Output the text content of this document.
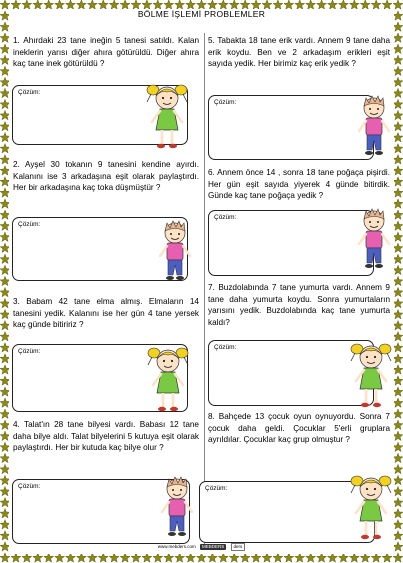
BÖLME İŞLEMİ PROBLEMLER

1. Ahırdaki 23 tane ineğin 5 tanesi satıldı. Kalan ineklerin yarısı diğer ahıra götürüldü. Diğer ahıra kaç tane inek götürüldü ?

Çözüm:

2. Ayşel 30 tokanın 9 tanesini kendine ayırdı. Kalanını ise 3 arkadaşına eşit olarak paylaştırdı. Her bir arkadaşına kaç toka düşmüştür ?

Çözüm:

3. Babam 42 tane elma almış. Elmaların 14 tanesini yedik. Kalanını ise her gün 4 tane yersek kaç günde bitiririz ?

Çözüm:

4. Talat'ın 28 tane bilyesi vardı. Babası 12 tane daha bilye aldı. Talat bilyelerini 5 kutuya eşit olarak paylaştırdı. Her bir kutuda kaç bilye olur ?

Çözüm:

5. Tabakta 18 tane erik vardı. Annem 9 tane daha erik koydu. Ben ve 2 arkadaşım erikleri eşit sayıda yedik. Her birimiz kaç erik yedik ?

Çözüm:

6. Annem önce 14 , sonra 18 tane poğaça pişirdi. Her gün eşit sayıda yiyerek 4 günde bitirdik. Günde kaç tane poğaça yedik ?

Çözüm:

7. Buzdolabında 7 tane yumurta vardı. Annem 9 tane daha yumurta koydu. Sonra yumurtaların yarısını yedik. Buzdolabında kaç tane yumurta kaldı?

Çözüm:

8. Bahçede 13 çocuk oyun oynuyordu. Sonra 7 çocuk daha geldi. Çocuklar 5'erli gruplara ayrıldılar. Çocuklar kaç grup olmuştur ?

Çözüm:
www.mebders.com MEBDERS ders
